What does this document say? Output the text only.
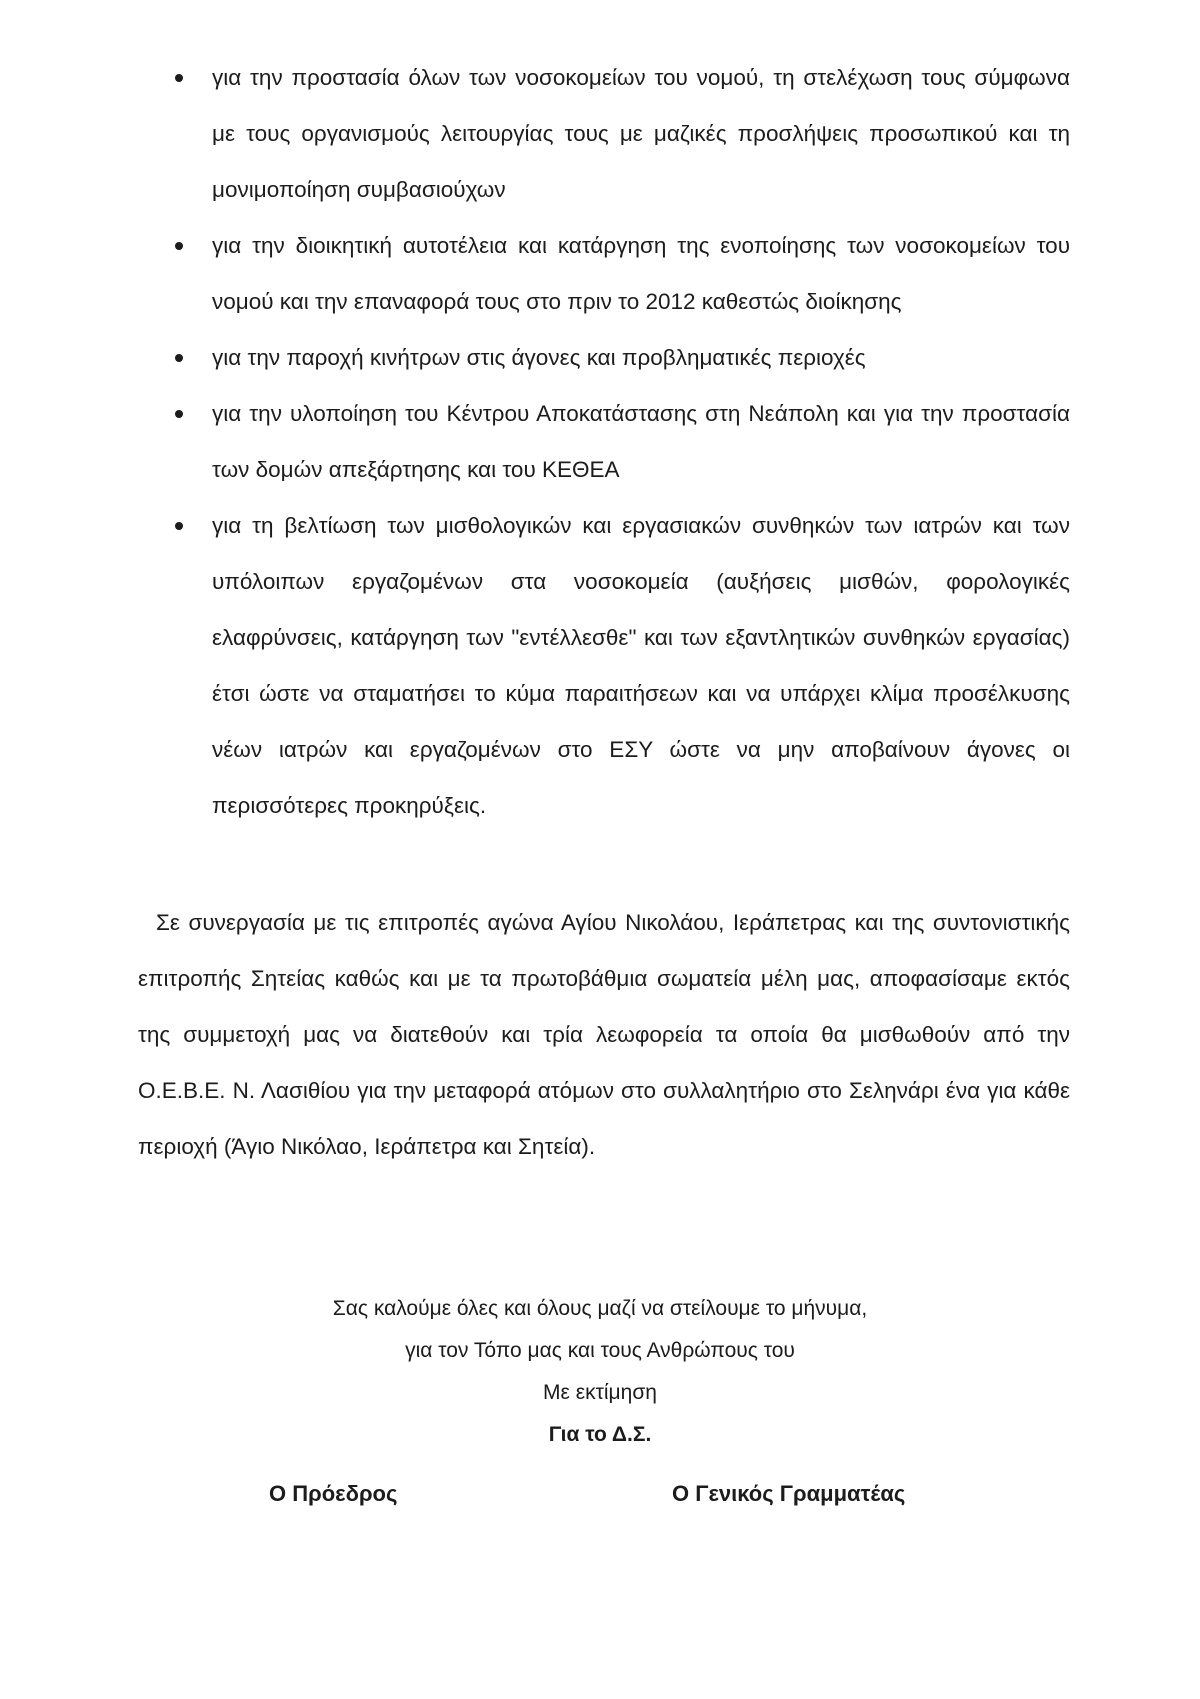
για την προστασία όλων των νοσοκομείων του νομού, τη στελέχωση τους σύμφωνα με τους οργανισμούς λειτουργίας τους με μαζικές προσλήψεις προσωπικού και τη μονιμοποίηση συμβασιούχων
για την διοικητική αυτοτέλεια και κατάργηση της ενοποίησης των νοσοκομείων του νομού και την επαναφορά τους στο πριν το 2012 καθεστώς διοίκησης
για την παροχή κινήτρων στις άγονες και προβληματικές περιοχές
για την υλοποίηση του Κέντρου Αποκατάστασης στη Νεάπολη και για την προστασία των δομών απεξάρτησης και του ΚΕΘΕΑ
για τη βελτίωση των μισθολογικών και εργασιακών συνθηκών των ιατρών και των υπόλοιπων εργαζομένων στα νοσοκομεία (αυξήσεις μισθών, φορολογικές ελαφρύνσεις, κατάργηση των "εντέλλεσθε" και των εξαντλητικών συνθηκών εργασίας) έτσι ώστε να σταματήσει το κύμα παραιτήσεων και να υπάρχει κλίμα προσέλκυσης νέων ιατρών και εργαζομένων στο ΕΣΥ ώστε να μην αποβαίνουν άγονες οι περισσότερες προκηρύξεις.

Σε συνεργασία με τις επιτροπές αγώνα Αγίου Νικολάου, Ιεράπετρας και της συντονιστικής επιτροπής Σητείας καθώς και με τα πρωτοβάθμια σωματεία μέλη μας, αποφασίσαμε εκτός της συμμετοχή μας να διατεθούν και τρία λεωφορεία τα οποία θα μισθωθούν από την Ο.Ε.Β.Ε. Ν. Λασιθίου για την μεταφορά ατόμων στο συλλαλητήριο στο Σεληνάρι ένα για κάθε περιοχή (Άγιο Νικόλαο, Ιεράπετρα και Σητεία).

Σας καλούμε όλες και όλους μαζί να στείλουμε το μήνυμα,
για τον Τόπο μας και τους Ανθρώπους του
Με εκτίμηση
Για το Δ.Σ.
Ο Πρόεδρος	Ο Γενικός Γραμματέας
